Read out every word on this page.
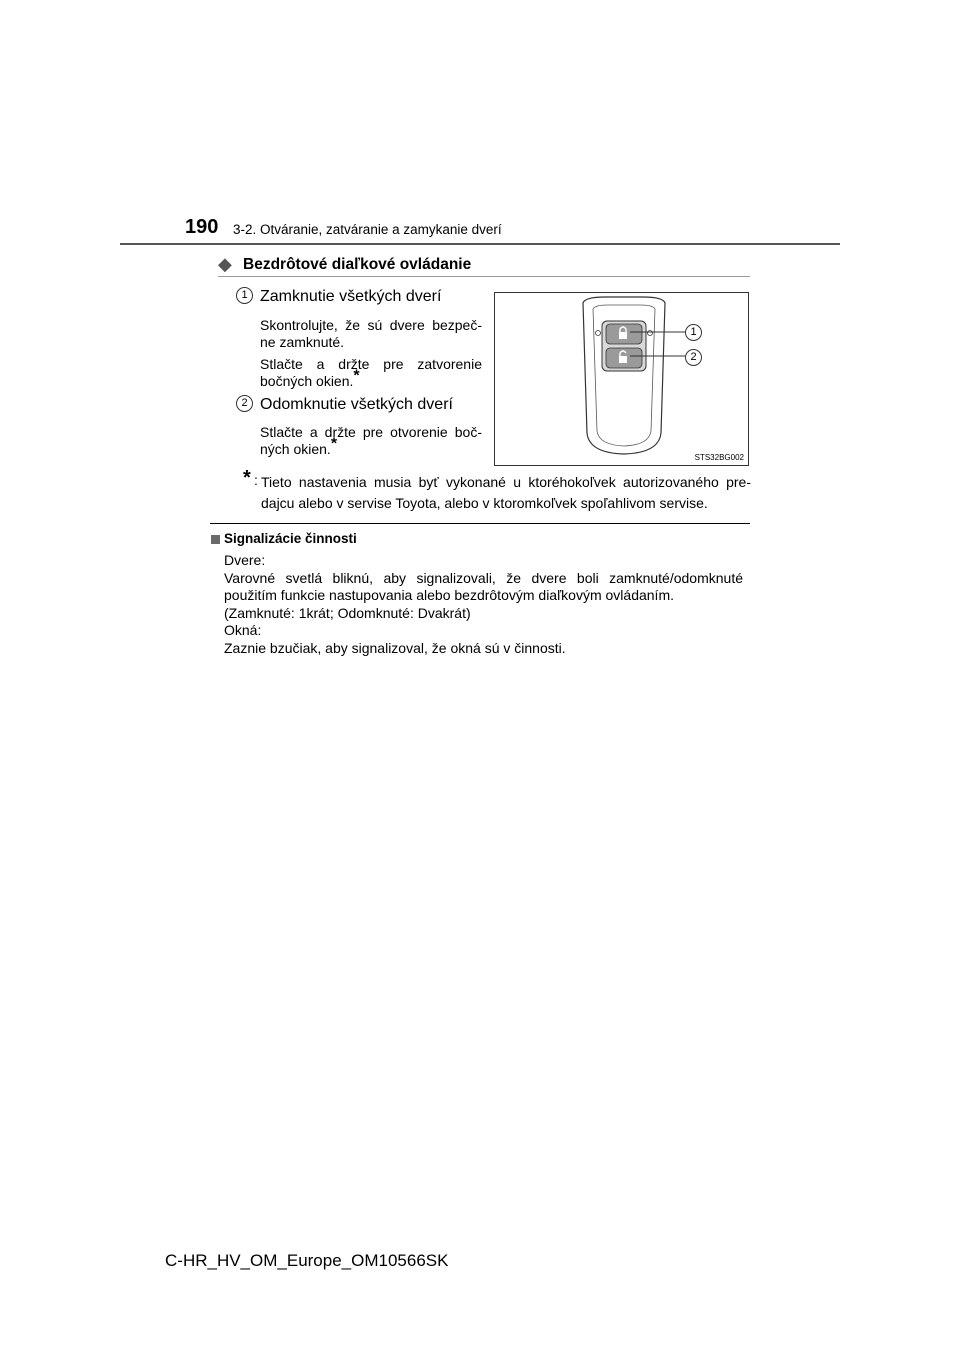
190 3-2. Otváranie, zatváranie a zamykanie dverí
◆ Bezdrôtové diaľkové ovládanie
1 Zamknutie všetkých dverí
Skontrolujte, že sú dvere bezpeč-ne zamknuté.
Stlačte a držte pre zatvorenie bočných okien.*
2 Odomknutie všetkých dverí
Stlačte a držte pre otvorenie boč-ných okien.*
1
2
STS32BG002
* : Tieto nastavenia musia byť vykonané u ktoréhokoľvek autorizovaného pre-dajcu alebo v servise Toyota, alebo v ktoromkoľvek spoľahlivom servise.
Signalizácie činnosti
Dvere:
Varovné svetlá bliknú, aby signalizovali, že dvere boli zamknuté/odomknuté
použitím funkcie nastupovania alebo bezdrôtovým diaľkovým ovládaním.
(Zamknuté: 1krát; Odomknuté: Dvakrát)
Okná:
Zaznie bzučiak, aby signalizoval, že okná sú v činnosti.
C-HR_HV_OM_Europe_OM10566SK
